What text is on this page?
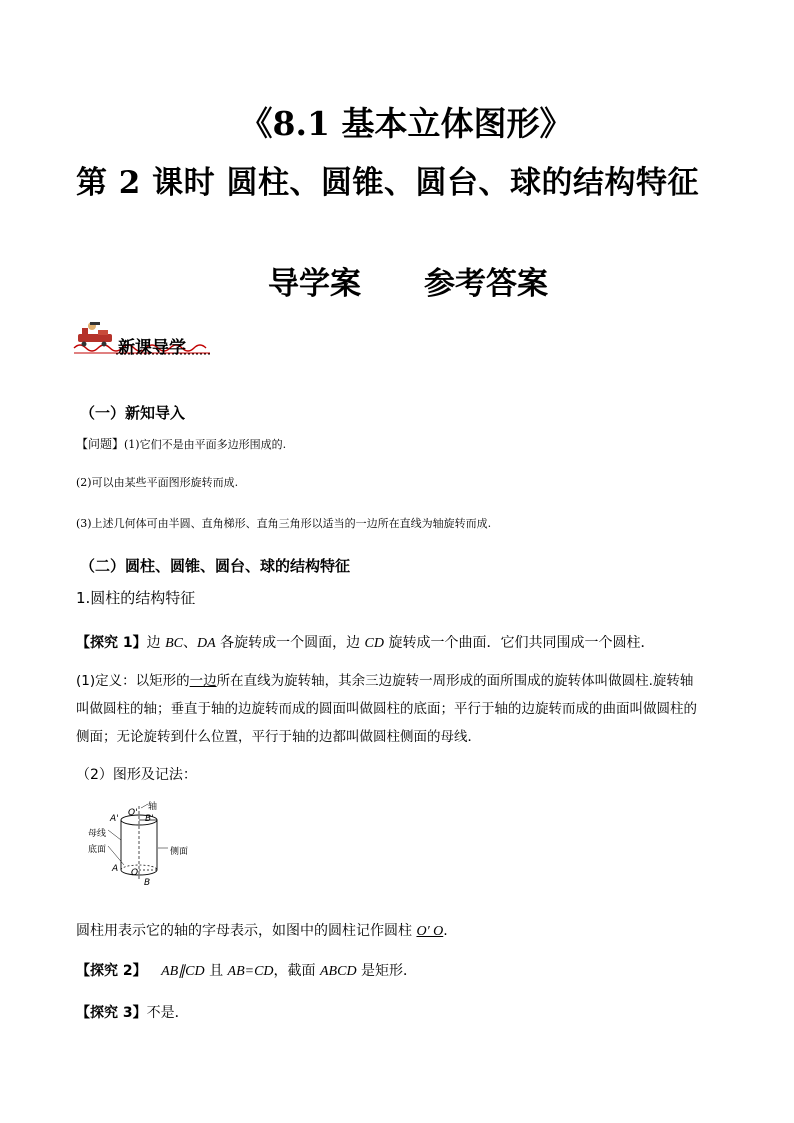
《8.1 基本立体图形》
第 2 课时 圆柱、圆锥、圆台、球的结构特征
导学案 参考答案
新课导学
（一）新知导入
【问题】(1)它们不是由平面多边形围成的.
(2)可以由某些平面图形旋转而成.
(3)上述几何体可由半圆、直角梯形、直角三角形以适当的一边所在直线为轴旋转而成.
（二）圆柱、圆锥、圆台、球的结构特征
1.圆柱的结构特征
【探究 1】边 BC、DA 各旋转成一个圆面，边 CD 旋转成一个曲面．它们共同围成一个圆柱．
(1)定义：以矩形的一边所在直线为旋转轴，其余三边旋转一周形成的面所围成的旋转体叫做圆柱.旋转轴
叫做圆柱的轴；垂直于轴的边旋转而成的圆面叫做圆柱的底面；平行于轴的边旋转而成的曲面叫做圆柱的
侧面；无论旋转到什么位置，平行于轴的边都叫做圆柱侧面的母线．
（2）图形及记法：
轴
母线
底面	侧面
A'
O'
B'
A O
B
圆柱用表示它的轴的字母表示，如图中的圆柱记作圆柱 O′ O.
【探究 2】 AB∥CD 且 AB=CD，截面 ABCD 是矩形．
【探究 3】不是．
